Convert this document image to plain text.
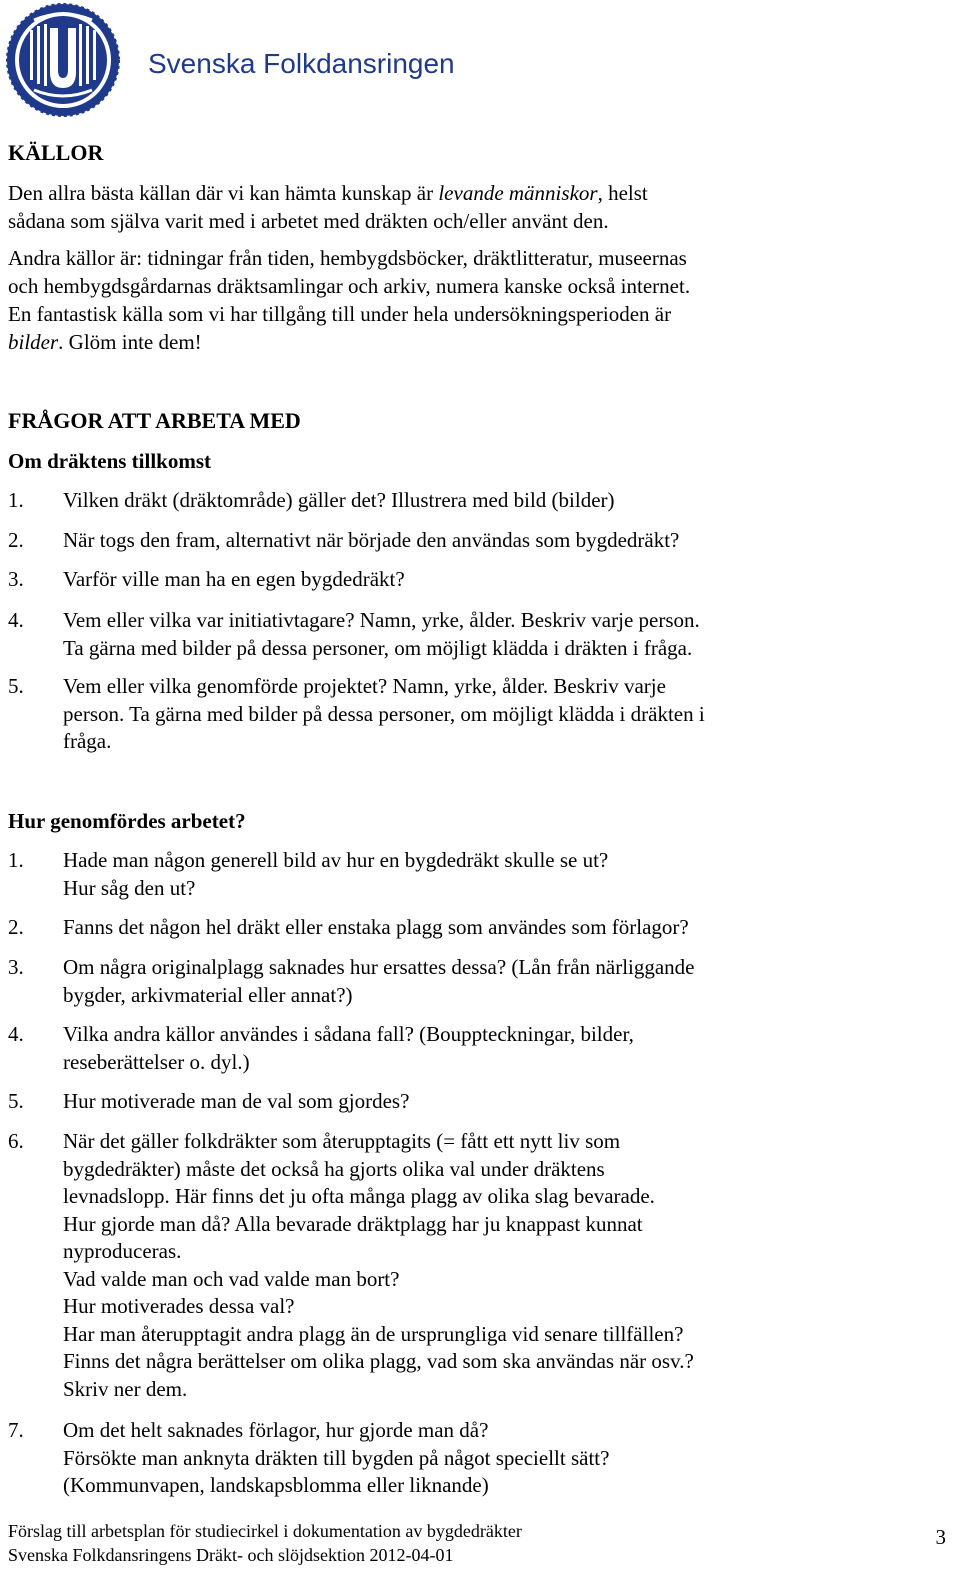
Svenska Folkdansringen
KÄLLOR
Den allra bästa källan där vi kan hämta kunskap är levande människor, helst
sådana som själva varit med i arbetet med dräkten och/eller använt den.
Andra källor är: tidningar från tiden, hembygdsböcker, dräktlitteratur, museernas
och hembygdsgårdarnas dräktsamlingar och arkiv, numera kanske också internet.
En fantastisk källa som vi har tillgång till under hela undersökningsperioden är
bilder. Glöm inte dem!
FRÅGOR ATT ARBETA MED
Om dräktens tillkomst
1. Vilken dräkt (dräktområde) gäller det? Illustrera med bild (bilder)
2. När togs den fram, alternativt när började den användas som bygdedräkt?
3. Varför ville man ha en egen bygdedräkt?
4. Vem eller vilka var initiativtagare? Namn, yrke, ålder. Beskriv varje person.
Ta gärna med bilder på dessa personer, om möjligt klädda i dräkten i fråga.
5. Vem eller vilka genomförde projektet? Namn, yrke, ålder. Beskriv varje
person. Ta gärna med bilder på dessa personer, om möjligt klädda i dräkten i
fråga.
Hur genomfördes arbetet?
1. Hade man någon generell bild av hur en bygdedräkt skulle se ut?
Hur såg den ut?
2. Fanns det någon hel dräkt eller enstaka plagg som användes som förlagor?
3. Om några originalplagg saknades hur ersattes dessa? (Lån från närliggande
bygder, arkivmaterial eller annat?)
4. Vilka andra källor användes i sådana fall? (Bouppteckningar, bilder,
reseberättelser o. dyl.)
5. Hur motiverade man de val som gjordes?
6. När det gäller folkdräkter som återupptagits (= fått ett nytt liv som
bygdedräkter) måste det också ha gjorts olika val under dräktens
levnadslopp. Här finns det ju ofta många plagg av olika slag bevarade.
Hur gjorde man då? Alla bevarade dräktplagg har ju knappast kunnat
nyproduceras.
Vad valde man och vad valde man bort?
Hur motiverades dessa val?
Har man återupptagit andra plagg än de ursprungliga vid senare tillfällen?
Finns det några berättelser om olika plagg, vad som ska användas när osv.?
Skriv ner dem.
7. Om det helt saknades förlagor, hur gjorde man då?
Försökte man anknyta dräkten till bygden på något speciellt sätt?
(Kommunvapen, landskapsblomma eller liknande)
Förslag till arbetsplan för studiecirkel i dokumentation av bygdedräkter
Svenska Folkdansringens Dräkt- och slöjdsektion 2012-04-01
3
